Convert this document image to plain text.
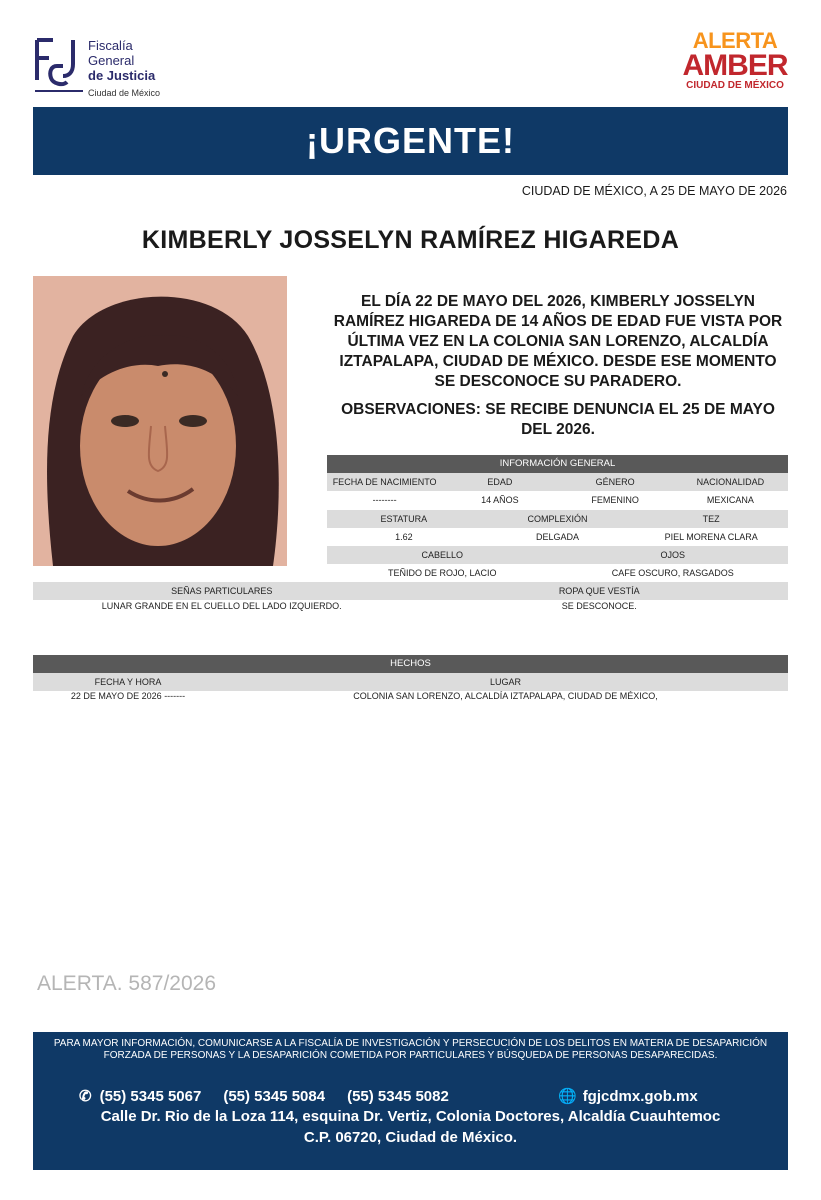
Fiscalía
General
de Justicia
Ciudad de México
ALERTA
AMBER
CIUDAD DE MÉXICO
¡URGENTE!
CIUDAD DE MÉXICO, A 25 DE MAYO DE 2026
KIMBERLY JOSSELYN RAMÍREZ HIGAREDA
EL DÍA 22 DE MAYO DEL 2026, KIMBERLY JOSSELYN RAMÍREZ HIGAREDA DE 14 AÑOS DE EDAD FUE VISTA POR ÚLTIMA VEZ EN LA COLONIA SAN LORENZO, ALCALDÍA IZTAPALAPA, CIUDAD DE MÉXICO. DESDE ESE MOMENTO SE DESCONOCE SU PARADERO.
OBSERVACIONES: SE RECIBE DENUNCIA EL 25 DE MAYO DEL 2026.
INFORMACIÓN GENERAL
FECHA DE NACIMIENTO	EDAD	GÉNERO	NACIONALIDAD
--------	14 AÑOS	FEMENINO	MEXICANA
ESTATURA	COMPLEXIÓN	TEZ
1.62	DELGADA	PIEL MORENA CLARA
CABELLO	OJOS
TEÑIDO DE ROJO, LACIO	CAFE OSCURO, RASGADOS
SEÑAS PARTICULARES	ROPA QUE VESTÍA
LUNAR GRANDE EN EL CUELLO DEL LADO IZQUIERDO.	SE DESCONOCE.
HECHOS
FECHA Y HORA	LUGAR
22 DE MAYO DE 2026 -------	COLONIA SAN LORENZO, ALCALDÍA IZTAPALAPA, CIUDAD DE MÉXICO,
ALERTA. 587/2026
PARA MAYOR INFORMACIÓN, COMUNICARSE A LA FISCALÍA DE INVESTIGACIÓN Y PERSECUCIÓN DE LOS DELITOS EN MATERIA DE DESAPARICIÓN FORZADA DE PERSONAS Y LA DESAPARICIÓN COMETIDA POR PARTICULARES Y BÚSQUEDA DE PERSONAS DESAPARECIDAS.
✆ (55) 5345 5067 (55) 5345 5084 (55) 5345 5082	🌐 fgjcdmx.gob.mx
Calle Dr. Rio de la Loza 114, esquina Dr. Vertiz, Colonia Doctores, Alcaldía Cuauhtemoc
C.P. 06720, Ciudad de México.
